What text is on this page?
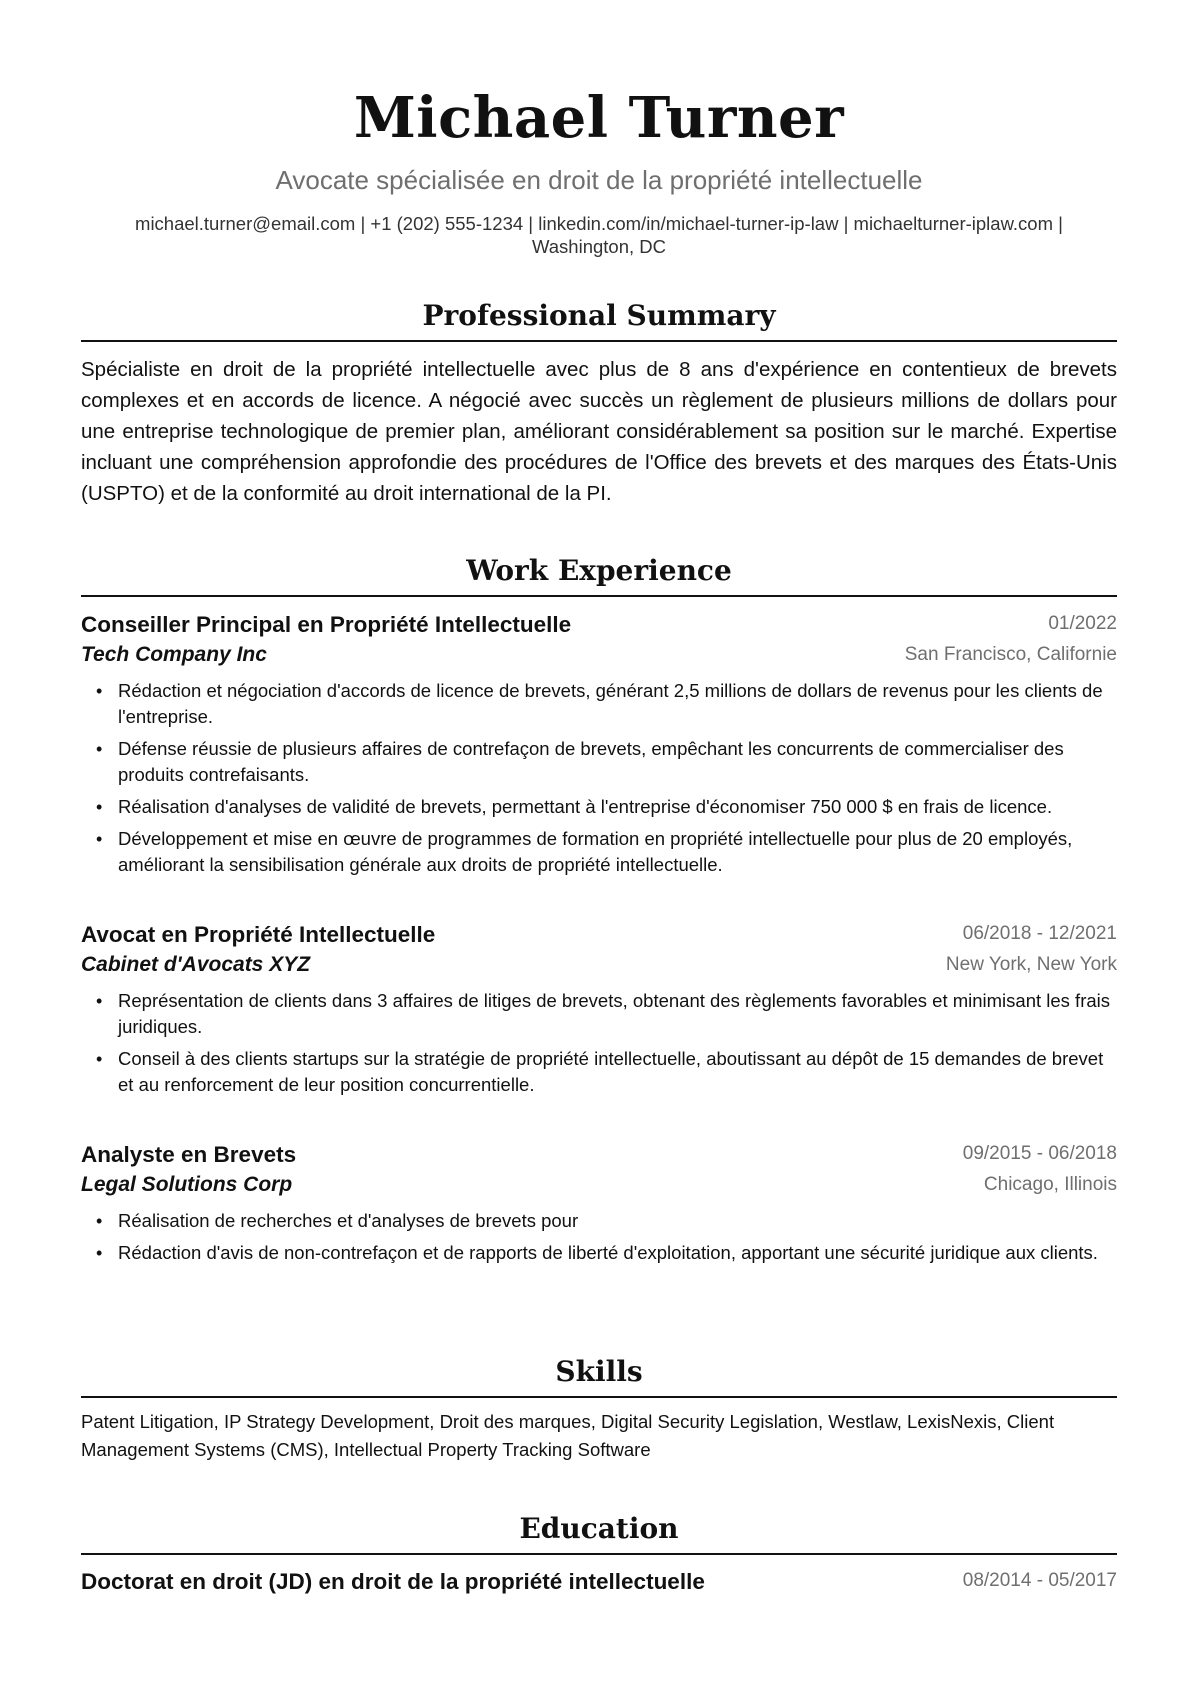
Michael Turner
Avocate spécialisée en droit de la propriété intellectuelle
michael.turner@email.com | +1 (202) 555-1234 | linkedin.com/in/michael-turner-ip-law | michaelturner-iplaw.com |
Washington, DC
Professional Summary
Spécialiste en droit de la propriété intellectuelle avec plus de 8 ans d'expérience en contentieux de brevets complexes et en accords de licence. A négocié avec succès un règlement de plusieurs millions de dollars pour une entreprise technologique de premier plan, améliorant considérablement sa position sur le marché. Expertise incluant une compréhension approfondie des procédures de l'Office des brevets et des marques des États-Unis (USPTO) et de la conformité au droit international de la PI.
Work Experience
Conseiller Principal en Propriété Intellectuelle	01/2022
Tech Company Inc	San Francisco, Californie
• Rédaction et négociation d'accords de licence de brevets, générant 2,5 millions de dollars de revenus pour les clients de l'entreprise.
• Défense réussie de plusieurs affaires de contrefaçon de brevets, empêchant les concurrents de commercialiser des produits contrefaisants.
• Réalisation d'analyses de validité de brevets, permettant à l'entreprise d'économiser 750 000 $ en frais de licence.
• Développement et mise en œuvre de programmes de formation en propriété intellectuelle pour plus de 20 employés, améliorant la sensibilisation générale aux droits de propriété intellectuelle.
Avocat en Propriété Intellectuelle	06/2018 - 12/2021
Cabinet d'Avocats XYZ	New York, New York
• Représentation de clients dans 3 affaires de litiges de brevets, obtenant des règlements favorables et minimisant les frais juridiques.
• Conseil à des clients startups sur la stratégie de propriété intellectuelle, aboutissant au dépôt de 15 demandes de brevet et au renforcement de leur position concurrentielle.
Analyste en Brevets	09/2015 - 06/2018
Legal Solutions Corp	Chicago, Illinois
• Réalisation de recherches et d'analyses de brevets pour
• Rédaction d'avis de non-contrefaçon et de rapports de liberté d'exploitation, apportant une sécurité juridique aux clients.
Skills
Patent Litigation, IP Strategy Development, Droit des marques, Digital Security Legislation, Westlaw, LexisNexis, Client Management Systems (CMS), Intellectual Property Tracking Software
Education
Doctorat en droit (JD) en droit de la propriété intellectuelle	08/2014 - 05/2017
